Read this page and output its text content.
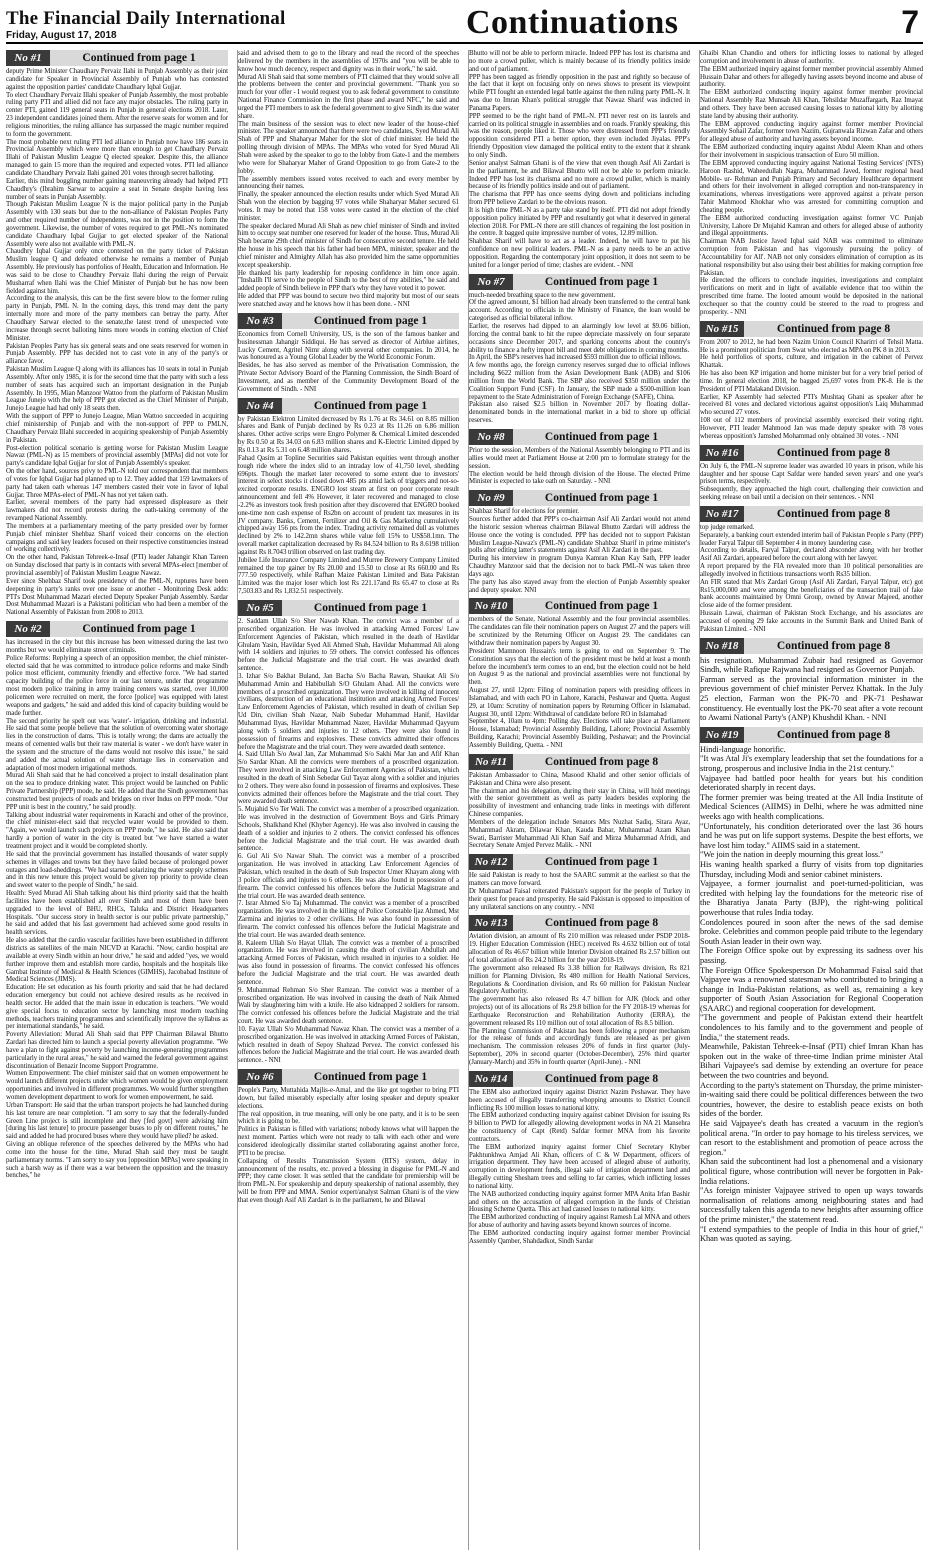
The Financial Daily International
Friday, August 17, 2018	Continuations	7
No #1	Continued from page 1
deputy Prime Minister Chaudhary Pervaiz Ilahi in Punjab Assembly as their joint candidate for Speaker in Provincial Assembly of Punjab who has contested against the opposition parties' candidate Chaudhary Iqbal Gujjar.
To elect Chaudhary Pervaiz Illahi speaker of Punjab Assembly, the most probable ruling party PTI and allied did not face any major obstacles. The ruling party in center PTI, gained 119 general seats in Punjab in general elections 2018. Later, 23 independent candidates joined them. After the reserve seats for women and for religious minorities, the ruling alliance has surpassed the magic number required to form the government.
The most probable next ruling PTI led alliance in Punjab now have 186 seats in Provincial Assembly which were more than enough to get Chaudhary Pervaiz Illahi of Pakistan Muslim League Q elected speaker. Despite this, the alliance managed to gain 15 more than the required and expected votes. PTI led alliance candidate Chaudhary Pervaiz Ilahi gained 201 votes through secret balloting.
Earlier, this mind boggling number gaining maneuvring already had helped PTI Chaudhry's (Ibrahim Sarwar to acquire a seat in Senate despite having less number of seats in Punjab Assembly.
Though Pakistan Muslim League N is the major political party in the Punjab Assembly with 130 seats but due to the non-alliance of Pakistan Peoples Party and other required number of independents, was not in the position to form the government. Likewise, the number of votes required to get PML-N's nominated candidate Chaudhary Iqbal Gujjar to get elected speaker of the National Assembly were also not available with PML-N.
Chaudhry Iqbal Gujjar only once contested on the party ticket of Pakistan Muslim league Q and defeated otherwise he remains a member of Punjab Assembly. He previously has portfolios of Health, Education and Information. He was said to be close to Chaudhry Pervaiz Ilahi during the reign of Pervaiz Musharraf when Ilahi was the Chief Minister of Punjab but he has now been fielded against him.
According to the analysis, this can be the first severe blow to the former ruling party in Punjab, PML N. In the coming days, this trend may dent the party internally more and more of the party members can betray the party. After Chaudhary Sarwar elected to the senate,the latest trend of unexpected vote increase through secret balloting hints more woods in coming election of Chief Minister.
Pakistan Peoples Party has six general seats and one seats reserved for women in Punjab Assembly. PPP has decided not to cast vote in any of the party's or alliance favor.
Pakistan Muslim League Q along with its alliances has 10 seats in total in Punjab Assembly. After only 1985, it is for the second time that the party with such a less number of seats has acquired such an important designation in the Punjab Assembly. In 1995, Mian Manzoor Wattoo from the platform of Pakistan Muslim League Junejo with the help of PPP got elected as the Chief Minister of Punjab, Junejo League had had only 18 seats then.
With the support of PPP to Junejo League, Mian Wattoo succeeded in acquiring chief ministership of Punjab and with the non-support of PPP to PMLN, Chaudhary Pervaiz Illahi succeeded in acquiring speakership of Punjab Assembly in Pakistan.
Post-election political scenario is getting worse for Pakistan Muslim League Nawaz (PML-N) as 15 members of provincial assembly [MPAs] did not vote for party's candidate Iqbal Gujjar for slot of Punjab Assembly's speaker.
On the other hand, sources privy to PML-N told our correspondent that members of votes for Iqbal Gujjar had planned up to 12. They added that 159 lawmakers of party had taken oath whereas 147 members casted their vote in favor of Iqbal Gujjar. Three MPAs-elect of PML-N has not yet taken oath.
Earlier, several members of the party had expressed displeasure as their lawmakers did not record protests during the oath-taking ceremony of the revamped National Assembly.
The members at a parliamentary meeting of the party presided over by former Punjab chief minister Shehbaz Sharif voiced their concerns on the election campaigns and said key leaders focused on their respective constituencies instead of working collectively.
On the other hand, Pakistan Tehreek-e-Insaf (PTI) leader Jahangir Khan Tareen on Sunday disclosed that party is in contacts with several MPAs-elect [member of provincial assembly] of Pakistan Muslim League Nawaz.
Ever since Shehbaz Sharif took presidency of the PML-N, ruptures have been deepening in party's ranks over one issue or another - Monitoring Desk adds: PTI's Dost Muhammad Mazari elected Deputy Speaker Punjab Assembly. Sardar Dost Muhammad Mazari is a Pakistani politician who had been a member of the National Assembly of Pakistan from 2008 to 2013.
No #2	Continued from page 1
has increased in the city but this increase has been witnessed during the last two months but we would eliminate street criminals.
Police Reforms: Replying a speech of an opposition member, the chief minister-elected said that he was committed to introduce police reforms and make Sindh police most efficient, community friendly and effective force. "We had started capacity building of the police force in our last tenure, under that programme most modern police training in army training centers was started, over 10,000 policemen were recruited on merit, the force [police] was equipped with latest weapons and gadgets," he said and added this kind of capacity building would be made further.
The second priority he spelt out was 'water'- irrigation, drinking and industrial. He said that some people believe that the solution of overcoming water shortage lies in the construction of dams. 'This is totally wrong; the dams are actually the means of cemented walls but their raw material is water - we don't have water in the system and the structure of the dams would not resolve this issue," he said and added the actual solution of water shortage lies in conservation and adaptation of most modern irrigational methods.
Murad Ali Shah said that he had conceived a project to install desalination plant on the sea to produce drinking water. This project would be launched on Public Private Partnership (PPP) mode, he said. He added that the Sindh government has constructed best projects of roads and bridges on river Indus on PPP mode. "Our PPP unit is best in the country," he said proudly.
Talking about industrial water requirements in Karachi and other of the province, the chief minister-elect said that recycled water would be provided to them. "Again, we would launch such projects on PPP mode," he said. He also said that hardly a portion of water in the city is treated but "we have started a water treatment project and it would be completed shortly.
He said that the provincial government has installed thousands of water supply schemes in villages and towns but they have failed because of prolonged power outages and load-sheddings. "We had started solarizing the water supply schemes and in this new tenure this project would be given top priority to provide clean and sweet water to the people of Sindh," he said.
Health: Syed Murad Ali Shah talking about his third priority said that the health facilities have been established all over Sindh and most of them have been upgraded to the level of BHU, RHCs, Taluka and District Headquarters Hospitals. "Our success story in health sector is our public private partnership," he said and added that his last government had achieved some good results in health services.
He also added that the cardio vascular facilities have been established in different districts as satellites of the main NICVD at Karachi. "Now, cardio hospital are available at every Sindh within an hour drive," he said and added "yes, we would further improve them and establish more cardio, hospitals and the hospitals like Gambat Institute of Medical & Health Sciences (GIMHS), Jacobabad Institute of Medical Sciences (JIMS).
Education: He set education as his fourth priority and said that he had declared education emergency but could not achieve desired results as he received in health sector. He added that the main issue in education is teachers. "We would give special focus to education sector by launching most modern teaching methods, teachers training programmes and scientifically improve the syllabus as per international standards," he said.
Poverty Alleviation: Murad Ali Shah said that PPP Chairman Bilawal Bhutto Zardari has directed him to launch a special poverty alleviation programme. "We have a plan to fight against poverty by launching income-generating programmes particularly in the rural areas," he said and warned the federal government against discontinuation of Benazir Income Support Programme.
Women Empowerment: The chief minister said that on women empowerment he would launch different projects under which women would be given employment opportunities and involved in different programmes. We would further strengthen women development department to work for women empowerment, he said.
Urban Transport: He said that the urban transport projects he had launched during his last tenure are near completion. "I am sorry to say that the federally-funded Green Line project is still incomplete and they [fed govt] were advising him [during his last tenure] to procure passenger buses to ply on different routes," he said and added he had procured buses where they would have plied? he asked.
Giving an oblique reference of the speeches delivered by the MPAs who had come into the house for the time, Murad Shah said they must be taught parliamentary norms. "I am sorry to say you [opposition MPAs] were speaking in such a harsh way as if there was a war between the opposition and the treasury benches," he
said and advised them to go to the library and read the record of the speeches delivered by the members in the assemblies of 1970s and "you will be able to know how much decency, respect and dignity was in their work," he said.
Murad Ali Shah said that some members of PTI claimed that they would solve all the problems between the center and provincial government. "Thank you so much for your offer - I would request you to ask federal government to constitute National Finance Commission in the first phase and award NFC," he said and urged the PTI members to ask the federal government to give Sindh its due water share.
The main business of the session was to elect new leader of the house-chief minister. The speaker announced that there were two candidates, Syed Murad Ali Shah of PPP and Shaharyar Maher for the slot of chief minister. He held the polling through division of MPAs. The MPAs who voted for Syed Murad Ali Shah were asked by the speaker to go to the lobby from Gate-1 and the members who were for Shaharyar Maher of Grand Opposition to go from Gate-2 to the lobby.
The assembly members issued votes received to each and every member by announcing their names.
Finally, the speaker announced the election results under which Syed Murad Ali Shah won the election by bagging 97 votes while Shaharyar Maher secured 61 votes. It may be noted that 158 votes were casted in the election of the chief minister.
The speaker declared Murad Ali Shah as new chief minister of Sindh and invited him to occupy seat number one reserved for leader of the house. Thus, Murad Ali Shah became 29th chief minister of Sindh for consecutive second tenure. He held the house in his speech that his father had been MPA, minister, speaker and the chief minister and Almighty Allah has also provided him the same opportunities except speakership.
He thanked his party leadership for reposing confidence in him once again. "Inshallh I'll serve to the people of Sindh to the best of my abilities," he said and added people of Sindh believe in PPP that's why they have voted it to power.
He added that PPP was bound to secure two third majority but most of our seats were snatched away and he knows how it has been done. - NNI
No #3	Continued from page 1
Economics from Cornell University, US, is the son of the famous banker and businessman Jahangir Siddiqui. He has served as director of Airblue airlines, Lucky Cement, Agritel Nimr along with several other companies. In 2014, he was honoured as a Young Global Leader by the World Economic Forum.
Besides, he has also served as member of the Privatisation Commission, the Private Sector Advisory Board of the Planning Commission, the Sindh Board of Investment, and as member of the Community Development Board of the Government of Sindh. - NNI
No #4	Continued from page 1
by Pakistan Elektron Limited decreased by Rs 1.76 at Rs 34.61 on 8.85 million shares and Bank of Punjab declined by Rs 0.23 at Rs 11.26 on 6.86 million shares. Other active scrips were Engro Polymer & Chemical Limited descended by Rs 0.50 at Rs 34.03 on 6.83 million shares and K-Electric Limited dipped by Rs 0.13 at Rs 5.31 on 6.48 million shares.
Fahad Qasim at Topline Securities said Pakistan equities went through another tough ride where the index slid to an intraday low of 41,750 level, shedding 696pts. Though the market later recovered to some extent due to investors' interest in select stocks it closed down 485 pts amid lack of triggers and not-so-excited corporate results. ENGRO lost steam at first on poor corporate result announcement and fell 4% However, it later recovered and managed to close -2.2% as investors took fresh position after they discovered that ENGRO booked one-time non cash expense of Rs2bn on account of prudent tax measures in its JV company. Banks, Cement, Fertilizer and Oil & Gas Marketing cumulatively chipped away 156 pts from the index. Trading activity remained dull as volumes declined by 2% to 142.2mn shares while value fell 15% to US$58.1mn. The overall market capitalization decreased by Rs 84.524 billion to Rs 8.6198 trillion against Rs 8.7043 trillion observed on last trading day.
Jubilee Life Insurance Company Limited and Murree Brewery Company Limited remained the top gainer by Rs 20.00 and 15.50 to close at Rs 660.00 and Rs 777.50 respectively, while Rafhan Maize Pakistan Limited and Bata Pakistan Limited was the major loser which lost Rs 221.17and Rs 65.47 to close at Rs 7,503.83 and Rs 1,832.51 respectively.
No #5	Continued from page 1
2. Saddam Ullah S/o Sher Nawab Khan. The convict was a member of a proscribed organization. He was involved in attacking Armed Forces/ Law Enforcement Agencies of Pakistan, which resulted in the death of Havildar Ghulam Yasin, Havildar Syed Ali Ahmed Shah, Havildar Muhammad Ali along with 14 soldiers and injuries to 59 others. The convict confessed his offences before the Judicial Magistrate and the trial court. He was awarded death sentence.
3. Izhar S/o Bakhat Buland, Jan Bacha S/o Bacha Rawan, Shaukat Ali S/o Muhammad Amin and Habibullah S/O Ghulam Ahad. All the convicts were members of a proscribed organization. They were involved in killing of innocent civilians, destruction of an educational institution and attacking Armed Forces/ Law Enforcement Agencies of Pakistan, which resulted in death of civilian Sep Ud Din, civilian Shah Nazar, Naib Subedar Muhammad Hanif, Havildar Muhammad Ilyas, Havildar Muhammad Nazer, Havildar Muhammad Qayyum along with 5 soldiers and injuries to 12 others. They were also found in possession of firearms and explosives. These convicts admitted their offences before the Magistrate and the trial court. They were awarded death sentence.
4. Said Ullah S/o Awal Jan, Zar Muhammad S/o Sakhi Mar Jan and Afif Khan S/o Sardar Khan. All the convicts were members of a proscribed organization. They were involved in attacking Law Enforcement Agencies of Pakistan, which resulted in the death of Sinh Sebedar Gul Tayaz along with a soldier and injuries to 2 others. They were also found in possession of firearms and explosives. These convicts admitted their offences before the Magistrate and the trial court. They were awarded death sentence.
5. Mujahid S/o Ter Wali. The convict was a member of a proscribed organization. He was involved in the destruction of Government Boys and Girls Primary Schools, Shalkhand Khel (Khyber Agency). He was also involved in causing the death of a soldier and injuries to 2 others. The convict confessed his offences before the Judicial Magistrate and the trial court. He was awarded death sentence.
6. Gul Ali S/o Nawar Shah. The convict was a member of a proscribed organization. He was involved in attacking Law Enforcement Agencies of Pakistan, which resulted in the death of Sub Inspector Umer Khayam along with 3 police officials and injuries to 6 others. He was also found in possession of a firearm. The convict confessed his offences before the Judicial Magistrate and the trial court. He was awarded death sentence.
7. Israr Ahmed S/o Taj Muhammad. The convict was a member of a proscribed organization. He was involved in the killing of Police Constable Ijaz Ahmed, Mst Zarmina and injuries to 2 other civilians. He was also found in possession of firearm. The convict confessed his offences before the Judicial Magistrate and the trial court. He was awarded death sentence.
8. Kaleem Ullah S/o Hayat Ullah. The convict was a member of a proscribed organization. He was involved in causing the death of civilian Abdullah and attacking Armed Forces of Pakistan, which resulted in injuries to a soldier. He was also found in possession of firearms. The convict confessed his offences before the Judicial Magistrate and the trial court. He was awarded death sentence.
9. Muhammad Rehman S/o Sher Ramzan. The convict was a member of a proscribed organization. He was involved in causing the death of Naik Ahmed Wali by slaughtering him with a knife. He also kidnapped 2 soldiers for ransom. The convict confessed his offences before the Judicial Magistrate and the trial court. He was awarded death sentence.
10. Fayaz Ullah S/o Muhammad Nawaz Khan. The convict was a member of a proscribed organization. He was involved in attacking Armed Forces of Pakistan, which resulted in death of Sepoy Shahzad Pervez. The convict confessed his offences before the Judicial Magistrate and the trial court. He was awarded death sentence. - NNI
No #6	Continued from page 1
People's Party, Muttahida Majlis-e-Amal, and the like got together to bring PTI down, but failed miserably especially after losing speaker and deputy speaker elections.
The real opposition, in true meaning, will only be one party, and it is to be seen which it is going to be.
Politics in Pakistan is filled with variations; nobody knows what will happen the next moment. Parties which were not ready to talk with each other and were considered ideologically dissimilar started collaborating against another force, PTI to be precise.
Collapsing of Results Transmission System (RTS) system, delay in announcement of the results, etc. proved a blessing in disguise for PML-N and PPP; they came closer. It was settled that the candidate for premiership will be from PML-N. For speakership and deputy speakership of national assembly, they will be from PPP and MMA. Senior expert/analyst Salman Ghani is of the view that even though Asif Ali Zardari is in the parliament, he and Bilawal
Bhutto will not be able to perform miracle. Indeed PPP has lost its charisma and no more a crowd puller, which is mainly because of its friendly politics inside and out of parliament.
PPP has been tagged as friendly opposition in the past and rightly so because of the fact that it kept on focusing only on news shows to present its viewpoint while PTI fought an extended legal battle against the then ruling party PML-N. It was due to Imran Khan's political struggle that Nawaz Sharif was indicted in Panama Papers.
PPP seemed to be the right hand of PML-N. PTI never rest on its laurels and carried on its political struggle in assemblies and on roads. Frankly speaking, this was the reason, people liked it. Those who were distressed from PPP's friendly opposition considered PTI a better option, they even included Jiyalas. PPP's friendly Opposition view damaged the political entity to the extent that it shrank to only Sindh.
Senior analyst Salman Ghani is of the view that even though Asif Ali Zardari is in the parliament, he and Bilawal Bhutto will not be able to perform miracle. Indeed PPP has lost its charisma and no more a crowd puller, which is mainly because of its friendly politics inside and out of parliament.
The charisma that PPP has once seems dying down and politicians including from PPP believe Zardari to be the obvious reason.
It is high time PML-N as a party take stand by itself. PTI did not adopt friendly opposition policy initiated by PPP and resultantly got what it deserved in general election 2018. For PML-N there are still chances of regaining the lost position in the centre. It bagged quite impressive number of votes, 12.89 million.
Shahbaz Sharif will have to act as a leader. Indeed, he will have to put his confidence on new political leaders. PML-N as a party needs to be an active opposition. Regarding the contemporary joint opposition, it does not seem to be united for a longer period of time; clashes are evident. - NNI
No #7	Continued from page 1
much-needed breathing space to the new government.
Of the agreed amount, $1 billion had already been transferred to the central bank account. According to officials in the Ministry of Finance, the loan would be categorised as official bilateral inflow.
Earlier, the reserves had dipped to an alarmingly low level at $9.06 billion, forcing the central bank to hit the rupee depreciate massively on four separate occasions since December 2017, and sparking concerns about the country's ability to finance a hefty import bill and meet debt obligations in coming months.
In April, the SBP's reserves had increased $593 million due to official inflows.
A few months ago, the foreign currency reserves surged due to official inflows including $622 million from the Asian Development Bank (ADB) and $106 million from the World Bank. The SBP also received $350 million under the Coalition Support Fund (CSF). In January, the SBP made a $500-million loan repayment to the State Administration of Foreign Exchange (SAFE), China.
Pakistan also raised $2.5 billion in November 2017 by floating dollar-denominated bonds in the international market in a bid to shore up official reserves.
No #8	Continued from page 1
Prior to the session, Members of the National Assembly belonging to PTI and its allies would meet at Parliament House at 2:00 pm to formulate strategy for the session.
The election would be held through division of the House. The elected Prime Minister is expected to take oath on Saturday. - NNI
No #9	Continued from page 1
Shahbaz Sharif for elections for premier.
Sources further added that PPP's co-chairman Asif Ali Zardari would not attend the historic session whereas chairman Bilawal Bhutto Zardari will address the House once the voting is concluded. PPP has decided not to support Pakistan Muslim League-Nawaz's (PML-N) candidate Shahbaz Sharif in prime minister's polls after editing latter's statements against Asif Ali Zardari in the past.
During his interview in program Dunya Kamran Khan Kay Sath, PPP leader Chaudhry Manzoor said that the decision not to back PML-N was taken three days ago.
The party has also stayed away from the election of Punjab Assembly speaker and deputy speaker. NNI
No #10	Continued from page 1
members of the Senate, National Assembly and the four provincial assemblies. The candidates can file their nomination papers on August 27 and the papers will be scrutinized by the Returning Officer on August 29. The candidates can withdraw their nomination papers by August 30.
President Mamnoon Hussain's term is going to end on September 9. The Constitution says that the election of the president must be held at least a month before the incumbent's term comes to an end, but the election could not be held on August 9 as the national and provincial assemblies were not functional by then.
August 27, until 12pm: Filing of nomination papers with presiding officers in Islamabad, and with each PO in Lahore, Karachi, Peshawar and Quetta. August 29, at 10am: Scrutiny of nomination papers by Returning Officer in Islamabad. August 30, until 12pm: Withdrawal of candidate before RO in Islamabad
September 4, 10am to 4pm: Polling day. Elections will take place at Parliament House, Islamabad; Provincial Assembly Building, Lahore; Provincial Assembly Building, Karachi; Provincial Assembly Building, Peshawar; and the Provincial Assembly Building, Quetta. - NNI
No #11	Continued from page 8
Pakistan Ambassador to China, Masood Khalid and other senior officials of Pakistan and China were also present.
The chairman and his delegation, during their stay in China, will hold meetings with the senior government as well as party leaders besides exploring the possibility of investment and enhancing trade links in meetings with different Chinese companies.
Members of the delegation include Senators Mrs Nuzhat Sadiq, Sitara Ayaz, Muhammad Akram, Dilawar Khan, Kauda Babar, Muhammad Azam Khan Swati, Barrister Muhammad Ali Khan Saif and Mirza Muhammad Afridi, and Secretary Senate Amjed Pervez Malik. - NNI
No #12	Continued from page 1
He said Pakistan is ready to host the SAARC summit at the earliest so that the matters can move forward.
Dr Muhammad Faisal reiterated Pakistan's support for the people of Turkey in their quest for peace and prosperity. He said Pakistan is opposed to imposition of any unilateral sanctions on any country. - NNI
No #13	Continued from page 8
Aviation division, an amount of Rs 210 million was released under PSDP 2018-19. Higher Education Commission (HEC) received Rs 4.632 billion out of total allocation of Rs 46.67 billion while Interior Division obtained Rs 2.57 billion out of total allocation of Rs 24.2 billion for the year 2018-19.
The government also released Rs 3.38 billion for Railways division, Rs 821 million for Planning Division, Rs 480 million for Health National Services, Regulations & Coordination division, and Rs 60 million for Pakistan Nuclear Regulatory Authority.
The government has also released Rs 4.7 billion for AJK (block and other projects) out of its allocations of Rs 29.8 billion for the FY 2018-19 whereas for Earthquake Reconstruction and Rehabilitation Authority (ERRA), the government released Rs 110 million out of total allocation of Rs 8.5 billion.
The Planning Commission of Pakistan has been following a proper mechanism for the release of funds and accordingly funds are released as per given mechanism. The commission releases 20% of funds in first quarter (July-September), 20% in second quarter (October-December), 25% third quarter (January-March) and 35% in fourth quarter (April-June). - NNI
No #14	Continued from page 8
The EBM also authorized inquiry against District Nazim Peshawar. They have been accused of illegally transferring whopping amounts to District Council inflicting Rs 100 million losses to national kitty.
The EBM authorized conducting inquiry against cabinet Division for issuing Rs 9 billion to PWD for allegedly allowing development works in NA 21 Mansehra the constituency of Capt (Retd) Safdar former MNA from his favorite contractors.
The EBM authorized inquiry against former Chief Secretary Khyber Pakhtunkhwa Amjad Ali Khan, officers of C & W Department, officers of irrigation department. They have been accused of alleged abuse of authority, corruption in development funds, illegal sale of irrigation department land and illegally cutting Shesham trees and selling to far carries, which inflicting losses to national kitty.
The NAB authorized conducting inquiry against former MPA Anita Irfan Bashir and others on the accusation of alleged corruption in the funds of Christian Housing Scheme Quetta. This act had caused losses to national kitty.
The EBM authorized conducting of inquiry against Ramesh Lal MNA and others for abuse of authority and having assets beyond known sources of income.
The EBM authorized conducting inquiry against former member Provincial Assembly Qamber, Shahdadkot, Sindh Sardar
Ghaibi Khan Chandio and others for inflicting losses to national by alleged corruption and involvement in abuse of authority.
The EBM authorized inquiry against former member provincial assembly Ahmed Hussain Dahar and others for allegedly having assets beyond income and abuse of authority.
The EBM authorized conducting inquiry against former member provincial National Assembly Raz Munsab Ali Khan, Tehsildar Muzaffargarh, Raz Imayat and others. They have been accused causing losses to national kitty by allotting state land by abusing their authority.
The EBM approved conducting inquiry against former member Provincial Assembly Sohail Zafar, former town Nazim, Gujranwala Rizwan Zafar and others for alleged abuse of authority and having assets beyond income.
The EBM authorized conducting inquiry against Abdul Aleem Khan and others for their involvement in suspicious transaction of Euro 50 million.
The EBM approved conducting inquiry against National Testing Services' (NTS) Haroon Rashid, Waheedullah Nagra, Muhammad Javed, former regional head Mobile- ur- Rehman and Punjab Primary and Secondary Healthcare department and others for their involvement in alleged corruption and non-transparency in examinations, whereas investigations were approved against a private person Tahir Mahmood Khokhar who was arrested for committing corruption and cheating people.
The EBM authorized conducting investigation against former VC Punjab University, Lahore Dr Mujahid Kamran and others for alleged abuse of authority and illegal appointments.
Chairman NAB Justice Javed Iqbal said NAB was committed to eliminate corruption from Pakistan and has vigorously pursuing the policy of 'Accountability for All'. NAB not only considers elimination of corruption as its national responsibility but also using their best abilities for making corruption free Pakistan.
He directed the officers to conclude inquiries, investigations and complaint verifications on merit and in light of available evidence that too within the prescribed time frame. The looted amount would be deposited in the national exchequer so that the country could be steered to the road to progress and prosperity. - NNI
No #15	Continued from page 8
From 2007 to 2012, he had been Nazim Union Council Kharirri of Tehsil Matta. He is a prominent politician from Swat who elected as MPA on PK 8 in 2013.
He held portfolios of sports, culture, and irrigation in the cabinet of Pervez Khattak.
He has also been KP irrigation and home minister but for a very brief period of time. In general election 2018, he bagged 25,697 votes from PK-8. He is the President of PTI Malakand Division.
Earlier, KP Assembly had selected PTI's Mushtaq Ghani as speaker after he received 81 votes and declared victorious against opposition's Laiq Muhammad who secured 27 votes.
108 out of 112 members of provincial assembly exercised their voting right. However, PTI leader Mahmood Jan was made deputy speaker with 78 votes whereas opposition's Jamshed Mohammad only obtained 30 votes. - NNI
No #16	Continued from page 8
On July 6, the PML-N supreme leader was awarded 10 years in prison, while his daughter and her spouse Capt Safdar were handed seven years' and one year's prison terms, respectively.
Subsequently, they approached the high court, challenging their conviction and seeking release on bail until a decision on their sentences. - NNI
No #17	Continued from page 8
top judge remarked.
Separately, a banking court extended interim bail of Pakistan People s Party (PPP) leader Faryal Talpur till September 4 in money laundering case.
According to details, Faryal Talpur, declared absconder along with her brother Asif Ali Zardari, appeared before the court along with her lawyer.
A report prepared by the FIA revealed more than 10 political personalities are allegedly involved in fictitious transactions worth Rs35 billion.
An FIR stated that M/s Zardari Group (Asif Ali Zardari, Faryal Talpur, etc) got Rs15,000,000 and were among the beneficiaries of the transaction trail of fake bank accounts maintained by Omni Group, owned by Anwar Majeed, another close aide of the former president.
Hussain Lawai, chairman of Pakistan Stock Exchange, and his associates are accused of opening 29 fake accounts in the Summit Bank and United Bank of Pakistan Limited. - NNI
No #18	Continued from page 8
his resignation. Muhammad Zubair had resigned as Governor Sindh, while Rafique Rajwana had resigned as Governor Punjab.
Farman served as the provincial information minister in the previous government of chief minister Pervez Khattak. In the July 25 election, Farman won the PK-70 and PK-71 Peshawar constituency. He eventually lost the PK-70 seat after a vote recount to Awami National Party's (ANP) Khushdil Khan. - NNI
No #19	Continued from page 8
Hindi-language honorific.
"It was Atal Ji's exemplary leadership that set the foundations for a strong, prosperous and inclusive India in the 21st century."
Vajpayee had battled poor health for years but his condition deteriorated sharply in recent days.
The former premier was being treated at the All India Institute of Medical Sciences (AIIMS) in Delhi, where he was admitted nine weeks ago with health complications.
"Unfortunately, his condition deteriorated over the last 36 hours and he was put on life support systems. Despite the best efforts, we have lost him today." AIIMS said in a statement.
"We join the nation in deeply mourning this great loss."
His waning health sparked a flurry of visits from top dignitaries Thursday, including Modi and senior cabinet ministers.
Vajpayee, a former journalist and poet-turned-politician, was credited with helping lay the foundations for the meteoric rise of the Bharatiya Janata Party (BJP), the right-wing political powerhouse that rules India today.
Condolences poured in soon after the news of the sad demise broke. Celebrities and common people paid tribute to the legendary South Asian leader in their own way.
The Foreign Office spoke out by expressing its sadness over his passing.
The Foreign Office Spokesperson Dr Mohammad Faisal said that Vajpayee was a renowned statesman who contributed to bringing a change in India-Pakistan relations, as well as, remaining a key supporter of South Asian Association for Regional Cooperation (SAARC) and regional cooperation for development.
"The government and people of Pakistan extend their heartfelt condolences to his family and to the government and people of India," the statement reads.
Meanwhile, Pakistan Tehreek-e-Insaf (PTI) chief Imran Khan has spoken out in the wake of three-time Indian prime minister Atal Bihari Vajpayee's sad demise by extending an overture for peace between the two countries and beyond.
According to the party's statement on Thursday, the prime minister-in-waiting said there could be political differences between the two countries, however, the desire to establish peace exists on both sides of the border.
He said Vajpayee's death has created a vacuum in the region's political arena. "In order to pay homage to his tireless services, we can resort to the establishment and promotion of peace across the region."
Khan said the subcontinent had lost a phenomenal and a visionary political figure, whose contribution will never be forgotten in Pak-India relations.
"As foreign minister Vajpayee strived to open up ways towards normalisation of relations among neighbouring states and had successfully taken this agenda to new heights after assuming office of the prime minister," the statement read.
"I extend sympathies to the people of India in this hour of grief," Khan was quoted as saying.
